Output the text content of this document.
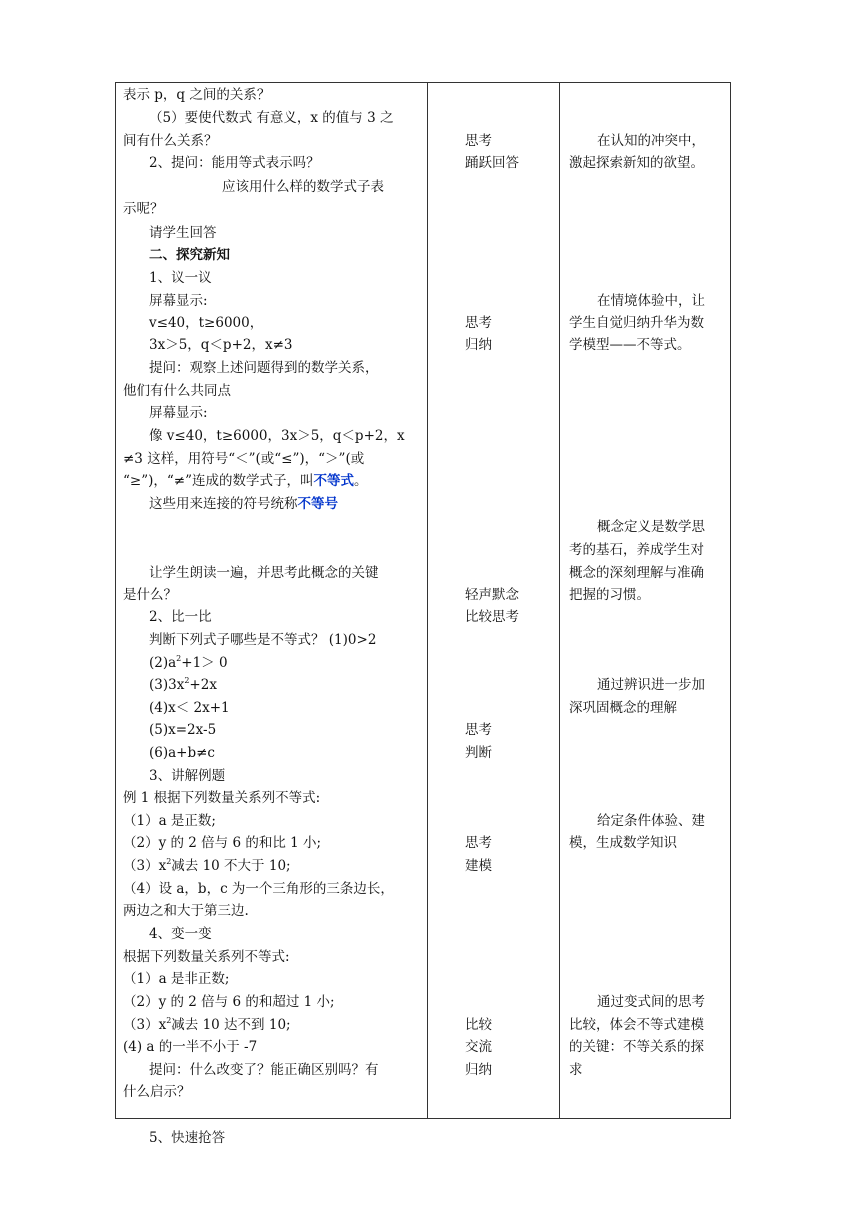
表示 p，q 之间的关系？
（5）要使代数式 有意义，x 的值与 3 之
间有什么关系？
2、提问：能用等式表示吗？
应该用什么样的数学式子表
示呢？
请学生回答
二、探究新知
1、议一议
屏幕显示:
v≤40，t≥6000，
3x＞5，q＜p+2，x≠3
提问：观察上述问题得到的数学关系，
他们有什么共同点
屏幕显示:
像 v≤40，t≥6000，3x＞5，q＜p+2，x
≠3 这样，用符号“＜”(或“≤”)，“＞”(或
“≥”)，“≠”连成的数学式子，叫不等式。
这些用来连接的符号统称不等号
让学生朗读一遍，并思考此概念的关键
是什么？
2、比一比
判断下列式子哪些是不等式？ (1)0>2
$(2)a^2+1> 0$
$(3)3x^2+2x$
(4)x＜ 2x+1
(5)x=2x-5
(6)a+b≠c
3、讲解例题
例 1 根据下列数量关系列不等式:
（1）a 是正数;
（2）y 的 2 倍与 6 的和比 1 小;
$(3)x^2$减去 10 不大于 10;
（4）设 a，b，c 为一个三角形的三条边长，
两边之和大于第三边.
4、变一变
根据下列数量关系列不等式:
（1）a 是非正数;
（2）y 的 2 倍与 6 的和超过 1 小;
$(3)x^2$减去 10 达不到 10;
(4) a 的一半不小于 -7
提问：什么改变了？能正确区别吗？有
什么启示？
5、快速抢答
思考
踊跃回答
思考
归纳
轻声默念
比较思考
思考
判断
思考
建模
比较
交流
归纳
在认知的冲突中，
激起探索新知的欲望。
在情境体验中，让
学生自觉归纳升华为数
学模型——不等式。
概念定义是数学思
考的基石，养成学生对
概念的深刻理解与准确
把握的习惯。
通过辨识进一步加
深巩固概念的理解
给定条件体验、建
模，生成数学知识
通过变式间的思考
比较，体会不等式建模
的关键：不等关系的探
求
